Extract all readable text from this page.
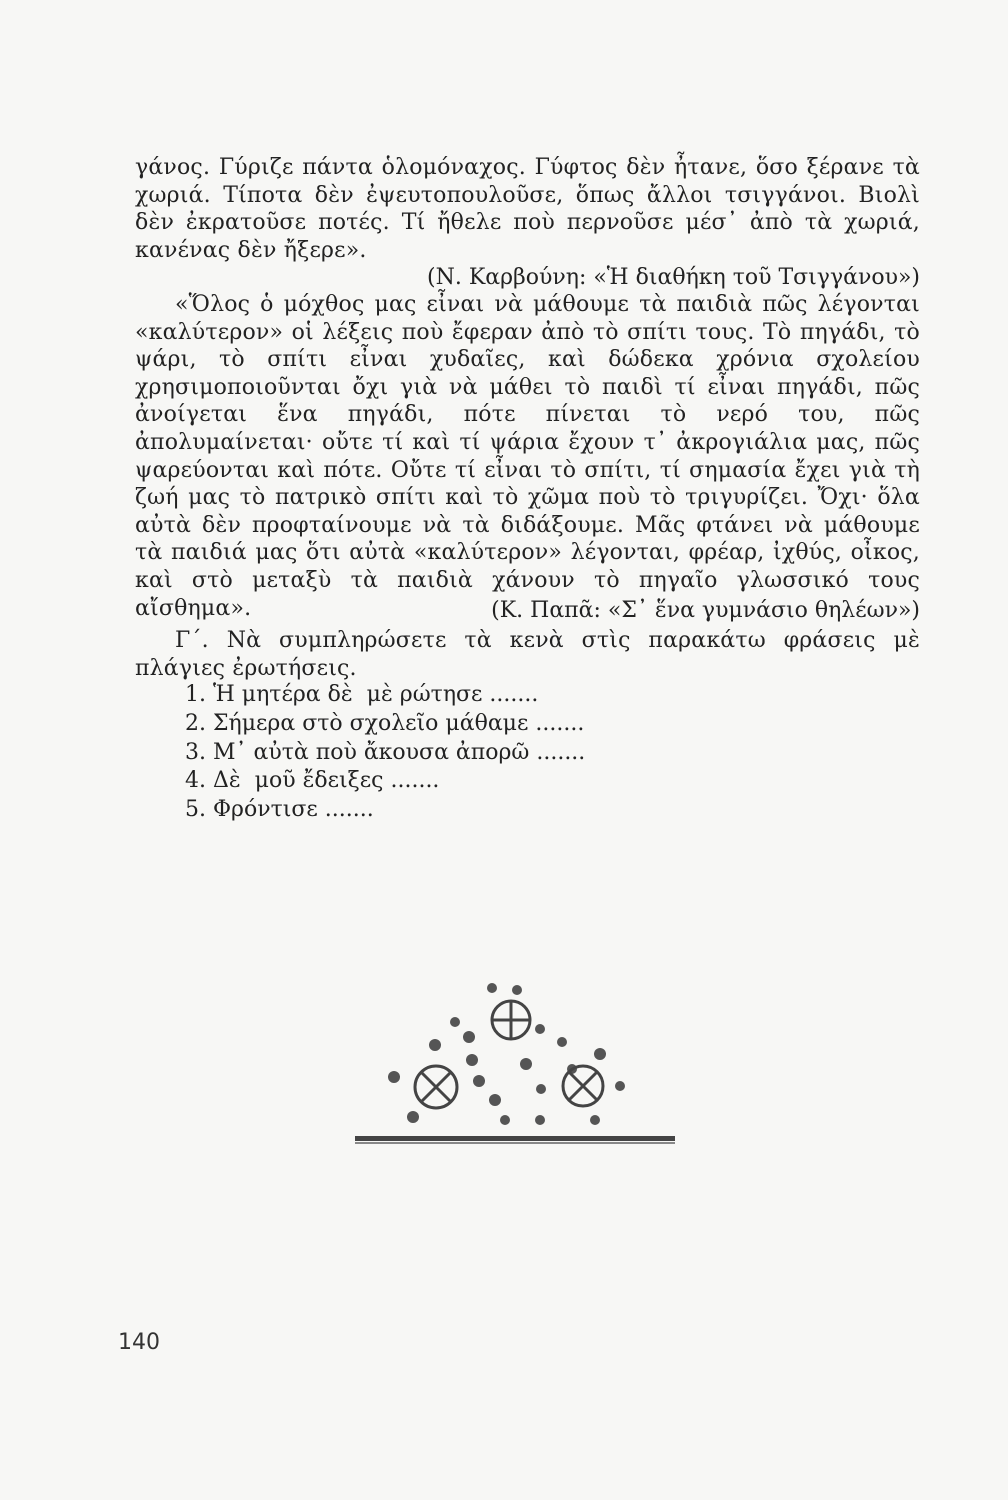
γάνος. Γύριζε πάντα ὁλομόναχος. Γύφτος δὲν ἦτανε, ὅσο ξέρανε τὰ χωριά. Τίποτα δὲν ἐψευτοπουλοῦσε, ὅπως ἄλλοι τσιγγάνοι. Βιολὶ δὲν ἐκρατοῦσε ποτές. Τί ἤθελε ποὺ περνοῦσε μέσ᾽ ἀπὸ τὰ χωριά, κανένας δὲν ἤξερε».

(Ν. Καρβούνη: «Ἡ διαθήκη τοῦ Τσιγγάνου»)

«Ὅλος ὁ μόχθος μας εἶναι νὰ μάθουμε τὰ παιδιὰ πῶς λέγονται «καλύτερον» οἱ λέξεις ποὺ ἔφεραν ἀπὸ τὸ σπίτι τους. Τὸ πηγάδι, τὸ ψάρι, τὸ σπίτι εἶναι χυδαῖες, καὶ δώδεκα χρόνια σχολείου χρησιμοποιοῦνται ὄχι γιὰ νὰ μάθει τὸ παιδὶ τί εἶναι πηγάδι, πῶς ἀνοίγεται ἕνα πηγάδι, πότε πίνεται τὸ νερό του, πῶς ἀπολυμαίνεται· οὔτε τί καὶ τί ψάρια ἔχουν τ᾽ ἀκρογιάλια μας, πῶς ψαρεύονται καὶ πότε. Οὔτε τί εἶναι τὸ σπίτι, τί σημασία ἔχει γιὰ τὴ ζωή μας τὸ πατρικὸ σπίτι καὶ τὸ χῶμα ποὺ τὸ τριγυρίζει. Ὄχι· ὅλα αὐτὰ δὲν προφταίνουμε νὰ τὰ διδάξουμε. Μᾶς φτάνει νὰ μάθουμε τὰ παιδιά μας ὅτι αὐτὰ «καλύτερον» λέγονται, φρέαρ, ἰχθύς, οἶκος, καὶ στὸ μεταξὺ τὰ παιδιὰ χάνουν τὸ πηγαῖο γλωσσικό τους αἴσθημα».	(Κ. Παπᾶ: «Σ᾽ ἕνα γυμνάσιο θηλέων»)

Γ΄. Νὰ συμπληρώσετε τὰ κενὰ στὶς παρακάτω φράσεις μὲ πλάγιες ἐρωτήσεις.

1. Ἡ μητέρα δὲ  μὲ ρώτησε .......
2. Σήμερα στὸ σχολεῖο μάθαμε .......
3. Μ᾽ αὐτὰ ποὺ ἄκουσα ἀπορῶ .......
4. Δὲ  μοῦ ἔδειξες .......
5. Φρόντισε .......
140
